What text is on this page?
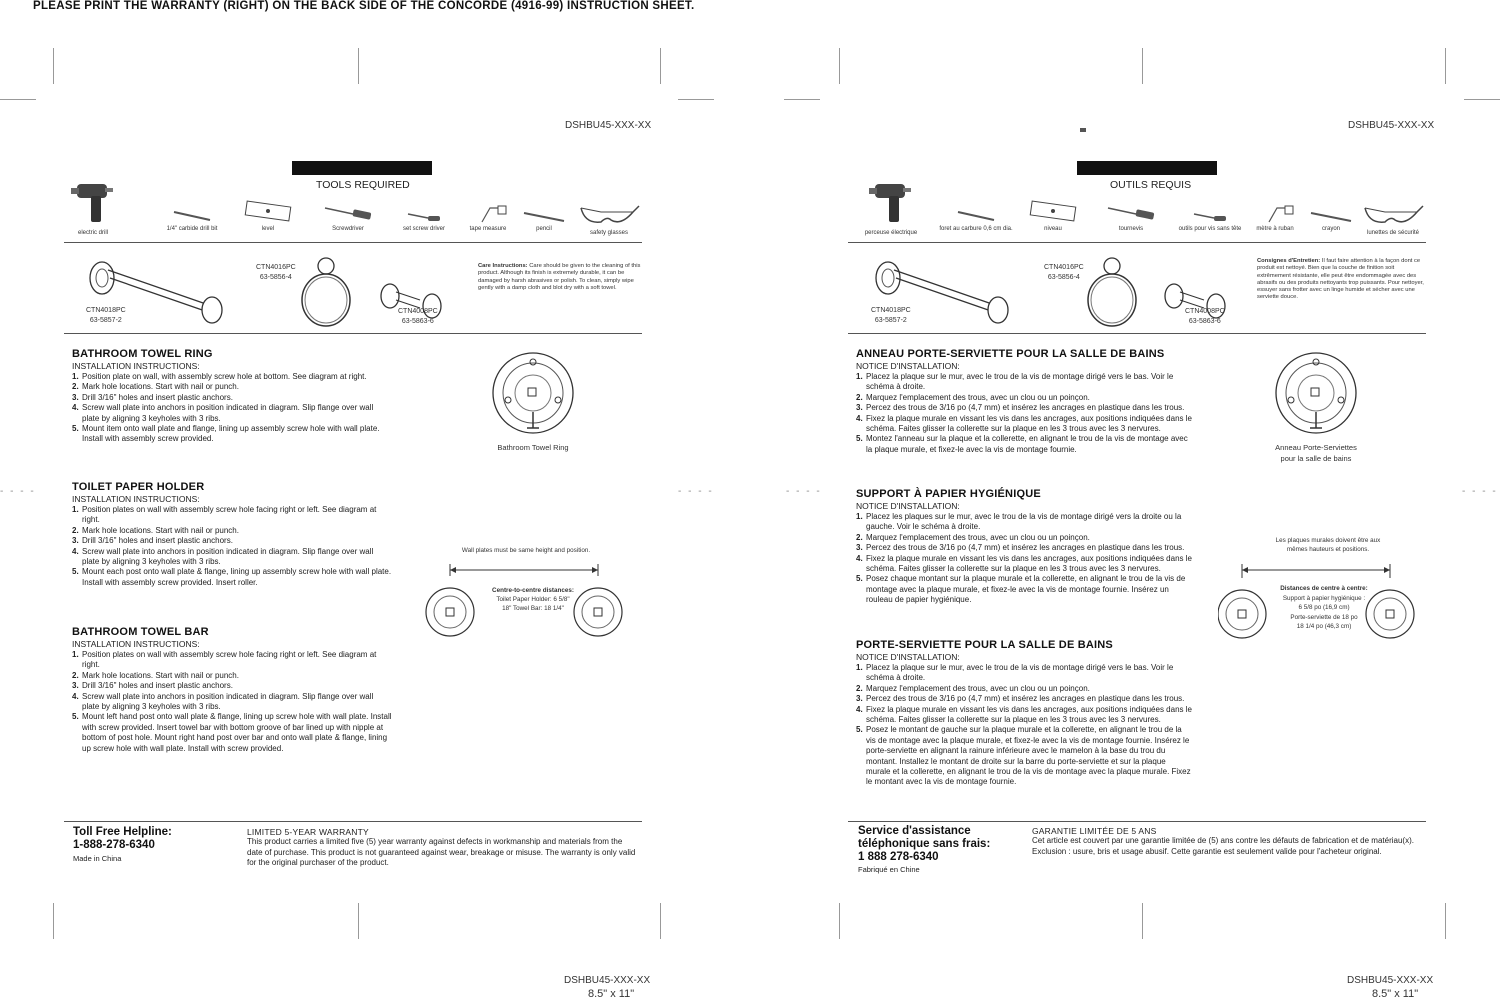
PLEASE PRINT THE WARRANTY (RIGHT) ON THE BACK SIDE OF THE CONCORDE (4916-99) INSTRUCTION SHEET.
- - - -	- - - -	- - - -	- - - -
DSHBU45-XXX-XX
TOOLS REQUIRED
electric drill
1/4" carbide drill bit	level	Screwdriver	set screw driver	tape measure	pencil
safety glasses
CTN4018PC
63-5857-2
CTN4016PC
63-5856-4
CTN4008PC
63-5863-6
Care Instructions: Care should be given to the cleaning of this product. Although its finish is extremely durable, it can be damaged by harsh abrasives or polish. To clean, simply wipe gently with a damp cloth and blot dry with a soft towel.
BATHROOM TOWEL RING
INSTALLATION INSTRUCTIONS:
1. Position plate on wall, with assembly screw hole at bottom. See diagram at right.
2. Mark hole locations. Start with nail or punch.
3. Drill 3/16" holes and insert plastic anchors.
4. Screw wall plate into anchors in position indicated in diagram. Slip flange over wall plate by aligning 3 keyholes with 3 ribs.
5. Mount item onto wall plate and flange, lining up assembly screw hole with wall plate. Install with assembly screw provided.
Bathroom Towel Ring
TOILET PAPER HOLDER
INSTALLATION INSTRUCTIONS:
1. Position plates on wall with assembly screw hole facing right or left. See diagram at right.
2. Mark hole locations. Start with nail or punch.
3. Drill 3/16" holes and insert plastic anchors.
4. Screw wall plate into anchors in position indicated in diagram. Slip flange over wall plate by aligning 3 keyholes with 3 ribs.
5. Mount each post onto wall plate & flange, lining up assembly screw hole with wall plate. Install with assembly screw provided. Insert roller.
Wall plates must be same height and position.
Centre-to-centre distances:
Toilet Paper Holder: 6 5/8"
18" Towel Bar: 18 1/4"
BATHROOM TOWEL BAR
INSTALLATION INSTRUCTIONS:
1. Position plates on wall with assembly screw hole facing right or left. See diagram at right.
2. Mark hole locations. Start with nail or punch.
3. Drill 3/16" holes and insert plastic anchors.
4. Screw wall plate into anchors in position indicated in diagram. Slip flange over wall plate by aligning 3 keyholes with 3 ribs.
5. Mount left hand post onto wall plate & flange, lining up screw hole with wall plate. Install with screw provided. Insert towel bar with bottom groove of bar lined up with nipple at bottom of post hole. Mount right hand post over bar and onto wall plate & flange, lining up screw hole with wall plate. Install with screw provided.
Toll Free Helpline:
1-888-278-6340
Made in China
LIMITED 5-YEAR WARRANTY
This product carries a limited five (5) year warranty against defects in workmanship and materials from the date of purchase. This product is not guaranteed against wear, breakage or misuse. The warranty is only valid for the original purchaser of the product.
DSHBU45-XXX-XX
8.5" x 11"
DSHBU45-XXX-XX
OUTILS REQUIS
perceuse électrique
foret au carbure 0,6 cm dia.	niveau	tournevis	outils pour vis sans tête	mètre à ruban	crayon
lunettes de sécurité
CTN4018PC
63-5857-2
CTN4016PC
63-5856-4
CTN4008PC
63-5863-6
Consignes d'Entretien: Il faut faire attention à la façon dont ce produit est nettoyé. Bien que la couche de finition soit extrêmement résistante, elle peut être endommagée avec des abrasifs ou des produits nettoyants trop puissants. Pour nettoyer, essuyer sans frotter avec un linge humide et sécher avec une serviette douce.
ANNEAU PORTE-SERVIETTE POUR LA SALLE DE BAINS
NOTICE D'INSTALLATION:
1. Placez la plaque sur le mur, avec le trou de la vis de montage dirigé vers le bas. Voir le schéma à droite.
2. Marquez l'emplacement des trous, avec un clou ou un poinçon.
3. Percez des trous de 3/16 po (4,7 mm) et insérez les ancrages en plastique dans les trous.
4. Fixez la plaque murale en vissant les vis dans les ancrages, aux positions indiquées dans le schéma. Faites glisser la collerette sur la plaque en les 3 trous avec les 3 nervures.
5. Montez l'anneau sur la plaque et la collerette, en alignant le trou de la vis de montage avec la plaque murale, et fixez-le avec la vis de montage fournie.	Anneau Porte-Serviettes
pour la salle de bains
SUPPORT À PAPIER HYGIÉNIQUE
NOTICE D'INSTALLATION:
1. Placez les plaques sur le mur, avec le trou de la vis de montage dirigé vers la droite ou la gauche. Voir le schéma à droite.
2. Marquez l'emplacement des trous, avec un clou ou un poinçon.
3. Percez des trous de 3/16 po (4,7 mm) et insérez les ancrages en plastique dans les trous.
4. Fixez la plaque murale en vissant les vis dans les ancrages, aux positions indiquées dans le schéma. Faites glisser la collerette sur la plaque en les 3 trous avec les 3 nervures.
5. Posez chaque montant sur la plaque murale et la collerette, en alignant le trou de la vis de montage avec la plaque murale, et fixez-le avec la vis de montage fournie. Insérez un rouleau de papier hygiénique.
Les plaques murales doivent être aux
mêmes hauteurs et positions.
Distances de centre à centre:
Support à papier hygiénique :
6 5/8 po (16,9 cm)
Porte-serviette de 18 po
18 1/4 po (46,3 cm)
PORTE-SERVIETTE POUR LA SALLE DE BAINS
NOTICE D'INSTALLATION:
1. Placez la plaque sur le mur, avec le trou de la vis de montage dirigé vers le bas. Voir le schéma à droite.
2. Marquez l'emplacement des trous, avec un clou ou un poinçon.
3. Percez des trous de 3/16 po (4,7 mm) et insérez les ancrages en plastique dans les trous.
4. Fixez la plaque murale en vissant les vis dans les ancrages, aux positions indiquées dans le schéma. Faites glisser la collerette sur la plaque en les 3 trous avec les 3 nervures.
5. Posez le montant de gauche sur la plaque murale et la collerette, en alignant le trou de la vis de montage avec la plaque murale, et fixez-le avec la vis de montage fournie. Insérez le porte-serviette en alignant la rainure inférieure avec le mamelon à la base du trou du montant. Installez le montant de droite sur la barre du porte-serviette et sur la plaque murale et la collerette, en alignant le trou de la vis de montage avec la plaque murale. Fixez le montant avec la vis de montage fournie.
Service d'assistance
téléphonique sans frais:
1 888 278-6340
Fabriqué en Chine
GARANTIE LIMITÉE DE 5 ANS
Cet article est couvert par une garantie limitée de (5) ans contre les défauts de fabrication et de matériau(x). Exclusion : usure, bris et usage abusif. Cette garantie est seulement valide pour l'acheteur original.
DSHBU45-XXX-XX
8.5" x 11"
